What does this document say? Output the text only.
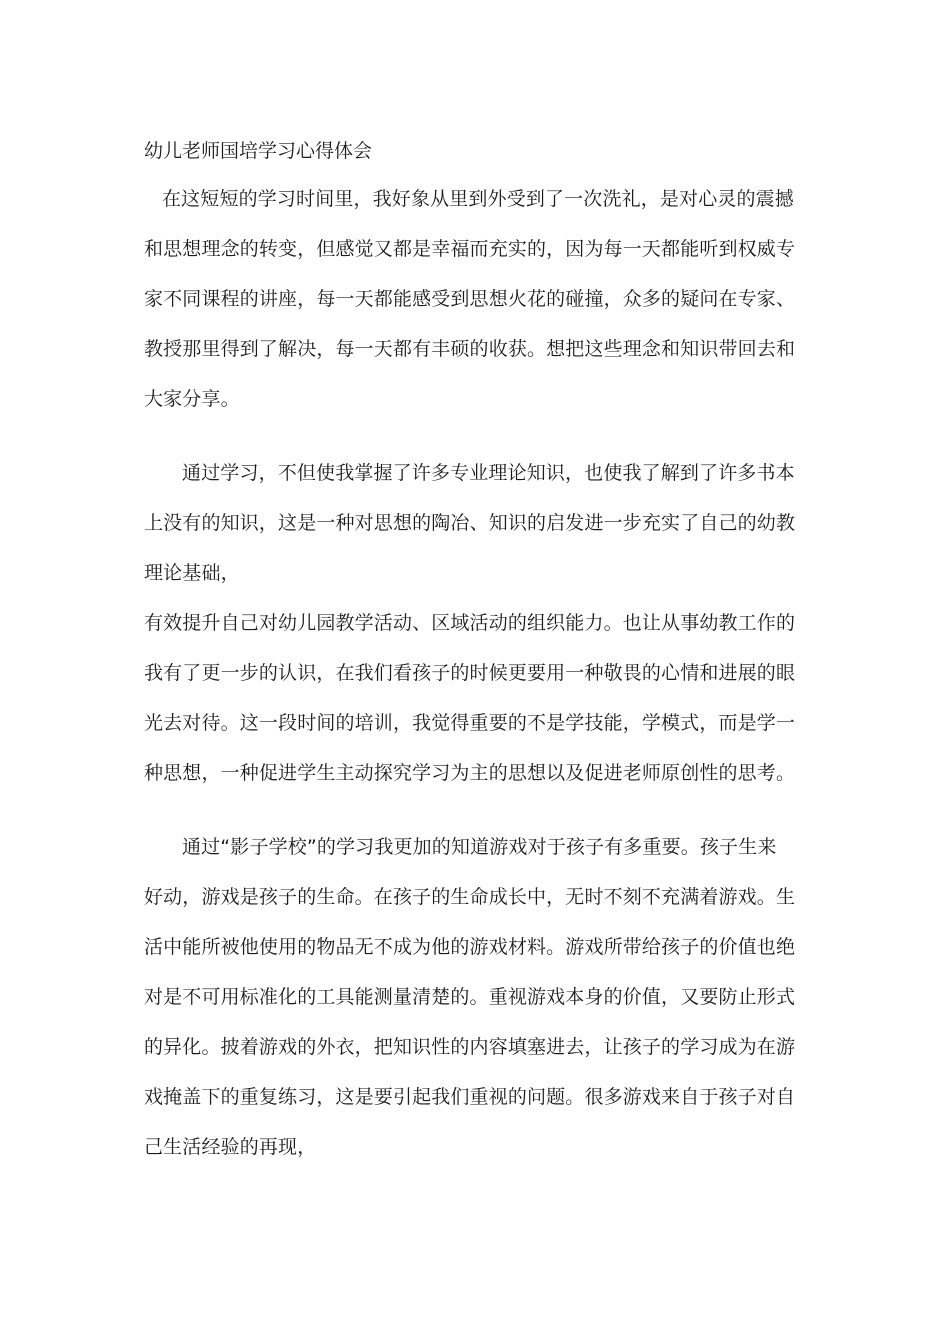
幼儿老师国培学习心得体会
在这短短的学习时间里，我好象从里到外受到了一次洗礼，是对心灵的震撼
和思想理念的转变，但感觉又都是幸福而充实的，因为每一天都能听到权威专
家不同课程的讲座，每一天都能感受到思想火花的碰撞，众多的疑问在专家、
教授那里得到了解决，每一天都有丰硕的收获。想把这些理念和知识带回去和
大家分享。
通过学习，不但使我掌握了许多专业理论知识，也使我了解到了许多书本
上没有的知识，这是一种对思想的陶冶、知识的启发进一步充实了自己的幼教
理论基础，
有效提升自己对幼儿园教学活动、区域活动的组织能力。也让从事幼教工作的
我有了更一步的认识，在我们看孩子的时候更要用一种敬畏的心情和进展的眼
光去对待。这一段时间的培训，我觉得重要的不是学技能，学模式，而是学一
种思想，一种促进学生主动探究学习为主的思想以及促进老师原创性的思考。
通过“影子学校”的学习我更加的知道游戏对于孩子有多重要。孩子生来
好动，游戏是孩子的生命。在孩子的生命成长中，无时不刻不充满着游戏。生
活中能所被他使用的物品无不成为他的游戏材料。游戏所带给孩子的价值也绝
对是不可用标准化的工具能测量清楚的。重视游戏本身的价值，又要防止形式
的异化。披着游戏的外衣，把知识性的内容填塞进去，让孩子的学习成为在游
戏掩盖下的重复练习，这是要引起我们重视的问题。很多游戏来自于孩子对自
己生活经验的再现，
